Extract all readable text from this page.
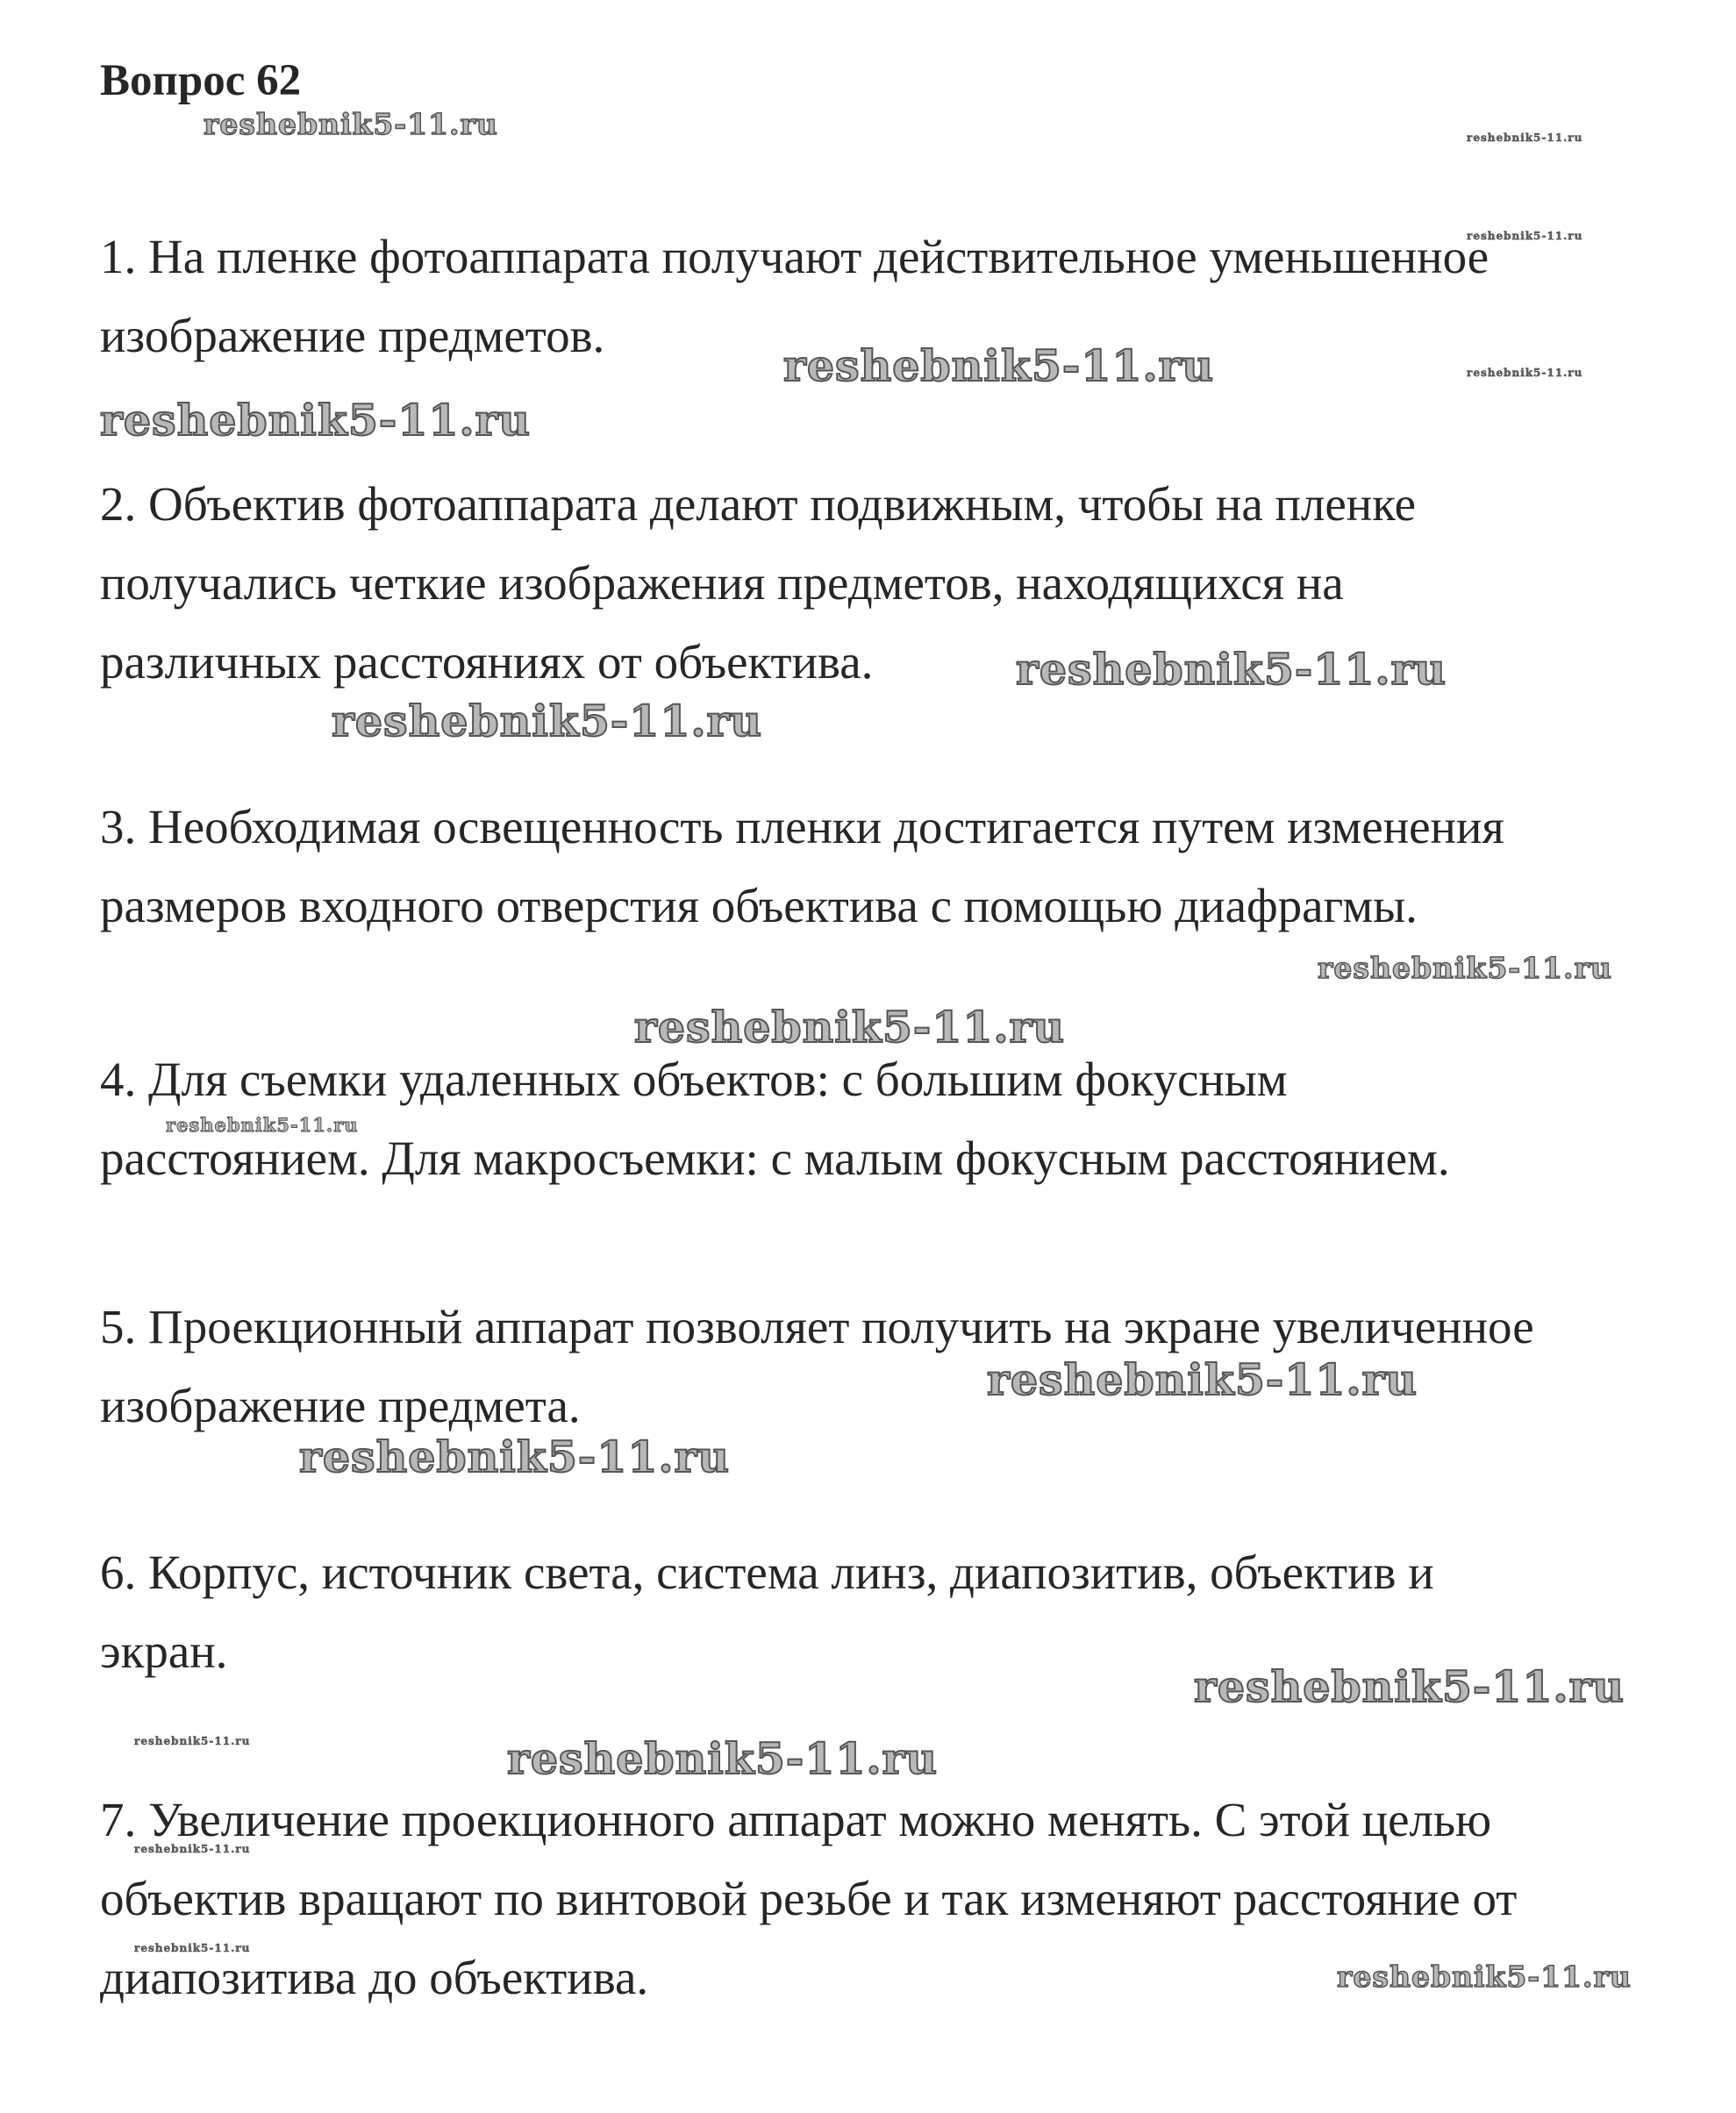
Вопрос 62
reshebnik5-11.ru	reshebnik5-11.ru
reshebnik5-11.ru
reshebnik5-11.ru	reshebnik5-11.ru
reshebnik5-11.ru
reshebnik5-11.ru
reshebnik5-11.ru
reshebnik5-11.ru
reshebnik5-11.ru
reshebnik5-11.ru
reshebnik5-11.ru
reshebnik5-11.ru
reshebnik5-11.ru
reshebnik5-11.ru	reshebnik5-11.ru
reshebnik5-11.ru
reshebnik5-11.ru
reshebnik5-11.ru
1. На пленке фотоаппарата получают действительное уменьшенное
изображение предметов.
2. Объектив фотоаппарата делают подвижным, чтобы на пленке
получались четкие изображения предметов, находящихся на
различных расстояниях от объектива.
3. Необходимая освещенность пленки достигается путем изменения
размеров входного отверстия объектива с помощью диафрагмы.
4. Для съемки удаленных объектов: с большим фокусным
расстоянием. Для макросъемки: с малым фокусным расстоянием.
5. Проекционный аппарат позволяет получить на экране увеличенное
изображение предмета.
6. Корпус, источник света, система линз, диапозитив, объектив и
экран.
7. Увеличение проекционного аппарат можно менять. С этой целью
объектив вращают по винтовой резьбе и так изменяют расстояние от
диапозитива до объектива.
